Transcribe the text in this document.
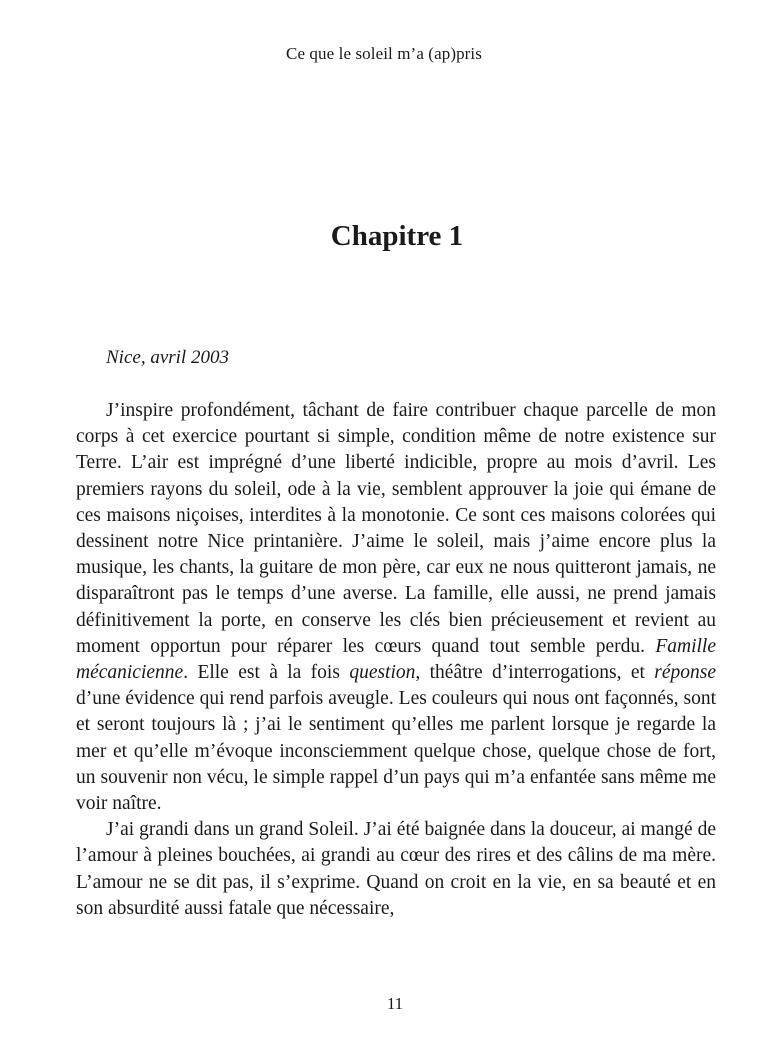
Ce que le soleil m’a (ap)pris
Chapitre 1
Nice, avril 2003

J’inspire profondément, tâchant de faire contribuer chaque parcelle de mon corps à cet exercice pourtant si simple, condition même de notre existence sur Terre. L’air est imprégné d’une liberté indicible, propre au mois d’avril. Les premiers rayons du soleil, ode à la vie, semblent approuver la joie qui émane de ces maisons niçoises, interdites à la monotonie. Ce sont ces maisons colorées qui dessinent notre Nice printanière. J’aime le soleil, mais j’aime encore plus la musique, les chants, la guitare de mon père, car eux ne nous quitteront jamais, ne disparaîtront pas le temps d’une averse. La famille, elle aussi, ne prend jamais définitivement la porte, en conserve les clés bien précieusement et revient au moment opportun pour réparer les cœurs quand tout semble perdu. Famille mécanicienne. Elle est à la fois question, théâtre d’interrogations, et réponse d’une évidence qui rend parfois aveugle. Les couleurs qui nous ont façonnés, sont et seront toujours là ; j’ai le sentiment qu’elles me parlent lorsque je regarde la mer et qu’elle m’évoque inconsciemment quelque chose, quelque chose de fort, un souvenir non vécu, le simple rappel d’un pays qui m’a enfantée sans même me voir naître.

J’ai grandi dans un grand Soleil. J’ai été baignée dans la douceur, ai mangé de l’amour à pleines bouchées, ai grandi au cœur des rires et des câlins de ma mère. L’amour ne se dit pas, il s’exprime. Quand on croit en la vie, en sa beauté et en son absurdité aussi fatale que nécessaire,

11
